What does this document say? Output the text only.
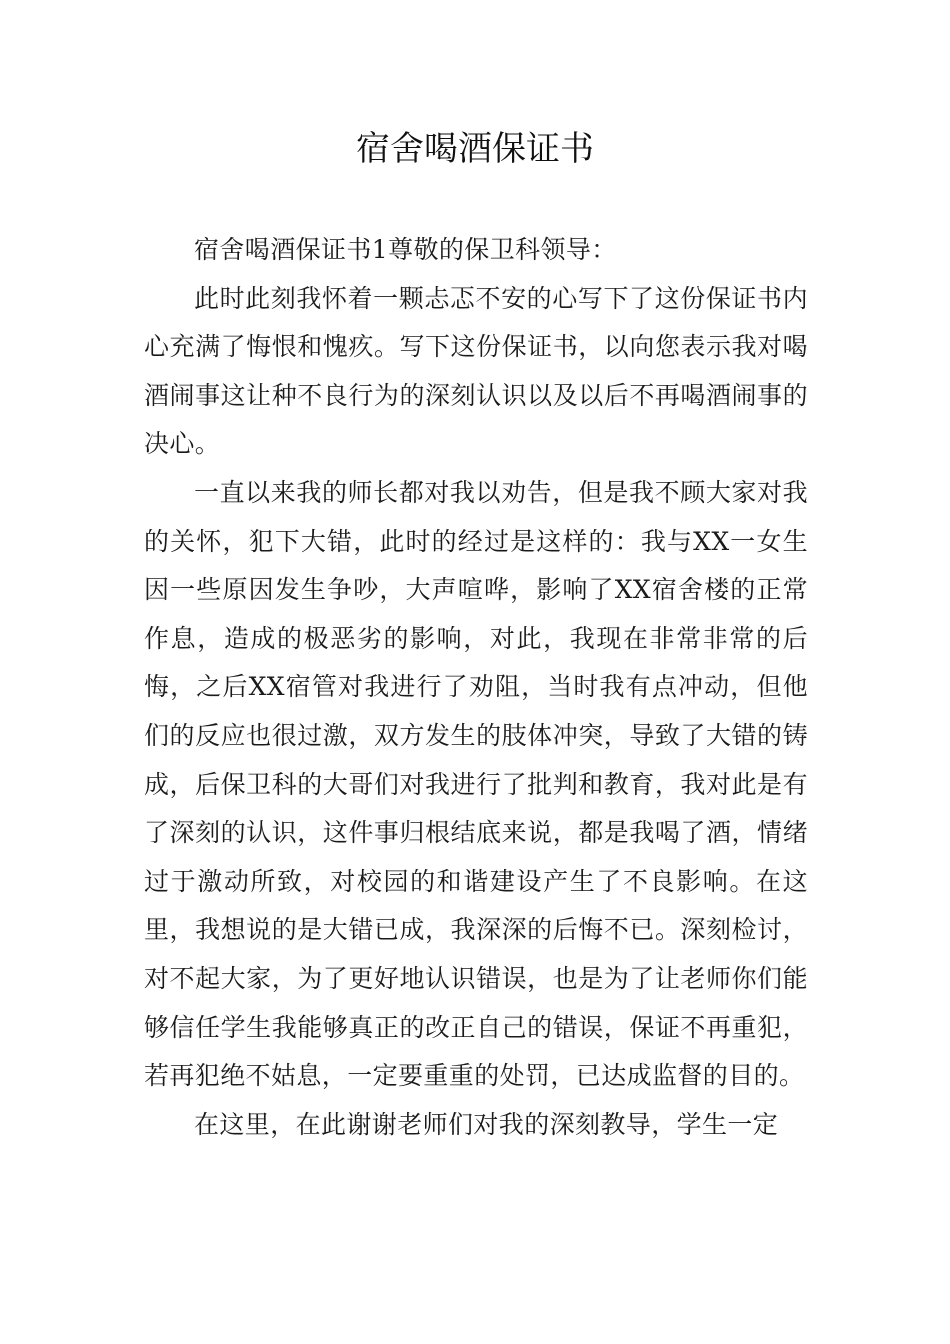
宿舍喝酒保证书

宿舍喝酒保证书1尊敬的保卫科领导：

此时此刻我怀着一颗忐忑不安的心写下了这份保证书内心充满了悔恨和愧疚。写下这份保证书，以向您表示我对喝酒闹事这让种不良行为的深刻认识以及以后不再喝酒闹事的决心。

一直以来我的师长都对我以劝告，但是我不顾大家对我的关怀，犯下大错，此时的经过是这样的：我与XX一女生因一些原因发生争吵，大声喧哗，影响了XX宿舍楼的正常作息，造成的极恶劣的影响，对此，我现在非常非常的后悔，之后XX宿管对我进行了劝阻，当时我有点冲动，但他们的反应也很过激，双方发生的肢体冲突，导致了大错的铸成，后保卫科的大哥们对我进行了批判和教育，我对此是有了深刻的认识，这件事归根结底来说，都是我喝了酒，情绪过于激动所致，对校园的和谐建设产生了不良影响。在这里，我想说的是大错已成，我深深的后悔不已。深刻检讨，对不起大家，为了更好地认识错误，也是为了让老师你们能够信任学生我能够真正的改正自己的错误，保证不再重犯，若再犯绝不姑息，一定要重重的处罚，已达成监督的目的。

在这里，在此谢谢老师们对我的深刻教导，学生一定
